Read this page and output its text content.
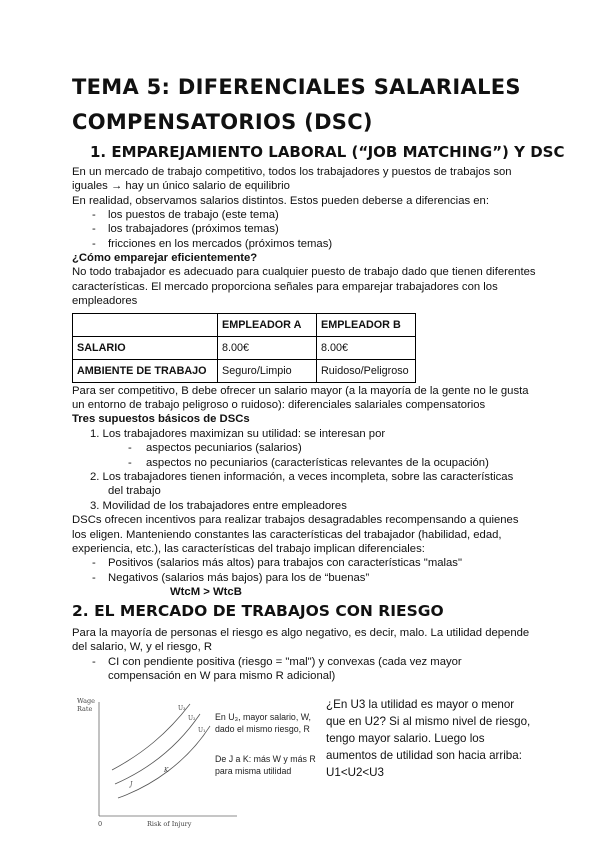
TEMA 5: DIFERENCIALES SALARIALES
COMPENSATORIOS (DSC)
1. EMPAREJAMIENTO LABORAL (“JOB MATCHING”) Y DSC
En un mercado de trabajo competitivo, todos los trabajadores y puestos de trabajos son
iguales → hay un único salario de equilibrio
En realidad, observamos salarios distintos. Estos pueden deberse a diferencias en:
- los puestos de trabajo (este tema)
- los trabajadores (próximos temas)
- fricciones en los mercados (próximos temas)
¿Cómo emparejar eficientemente?
No todo trabajador es adecuado para cualquier puesto de trabajo dado que tienen diferentes
características. El mercado proporciona señales para emparejar trabajadores con los
empleadores
	EMPLEADOR A	EMPLEADOR B
SALARIO	8.00€	8.00€
AMBIENTE DE TRABAJO	Seguro/Limpio	Ruidoso/Peligroso
Para ser competitivo, B debe ofrecer un salario mayor (a la mayoría de la gente no le gusta
un entorno de trabajo peligroso o ruidoso): diferenciales salariales compensatorios
Tres supuestos básicos de DSCs
1. Los trabajadores maximizan su utilidad: se interesan por
- aspectos pecuniarios (salarios)
- aspectos no pecuniarios (características relevantes de la ocupación)
2. Los trabajadores tienen información, a veces incompleta, sobre las características
del trabajo
3. Movilidad de los trabajadores entre empleadores
DSCs ofrecen incentivos para realizar trabajos desagradables recompensando a quienes
los eligen. Manteniendo constantes las características del trabajador (habilidad, edad,
experiencia, etc.), las características del trabajo implican diferenciales:
- Positivos (salarios más altos) para trabajos con características "malas"
- Negativos (salarios más bajos) para los de “buenas”
WtcM > WtcB
2. EL MERCADO DE TRABAJOS CON RIESGO
Para la mayoría de personas el riesgo es algo negativo, es decir, malo. La utilidad depende
del salario, W, y el riesgo, R
- CI con pendiente positiva (riesgo = "mal") y convexas (cada vez mayor
compensación en W para mismo R adicional)
Wage
Rate
0	Risk of Injury
U₃
U₂
U₁
J
K
En U₃, mayor salario, W,
dado el mismo riesgo, R
De J a K: más W y más R
para misma utilidad
¿En U3 la utilidad es mayor o menor
que en U2? Si al mismo nivel de riesgo,
tengo mayor salario. Luego los
aumentos de utilidad son hacia arriba:
U1<U2<U3
